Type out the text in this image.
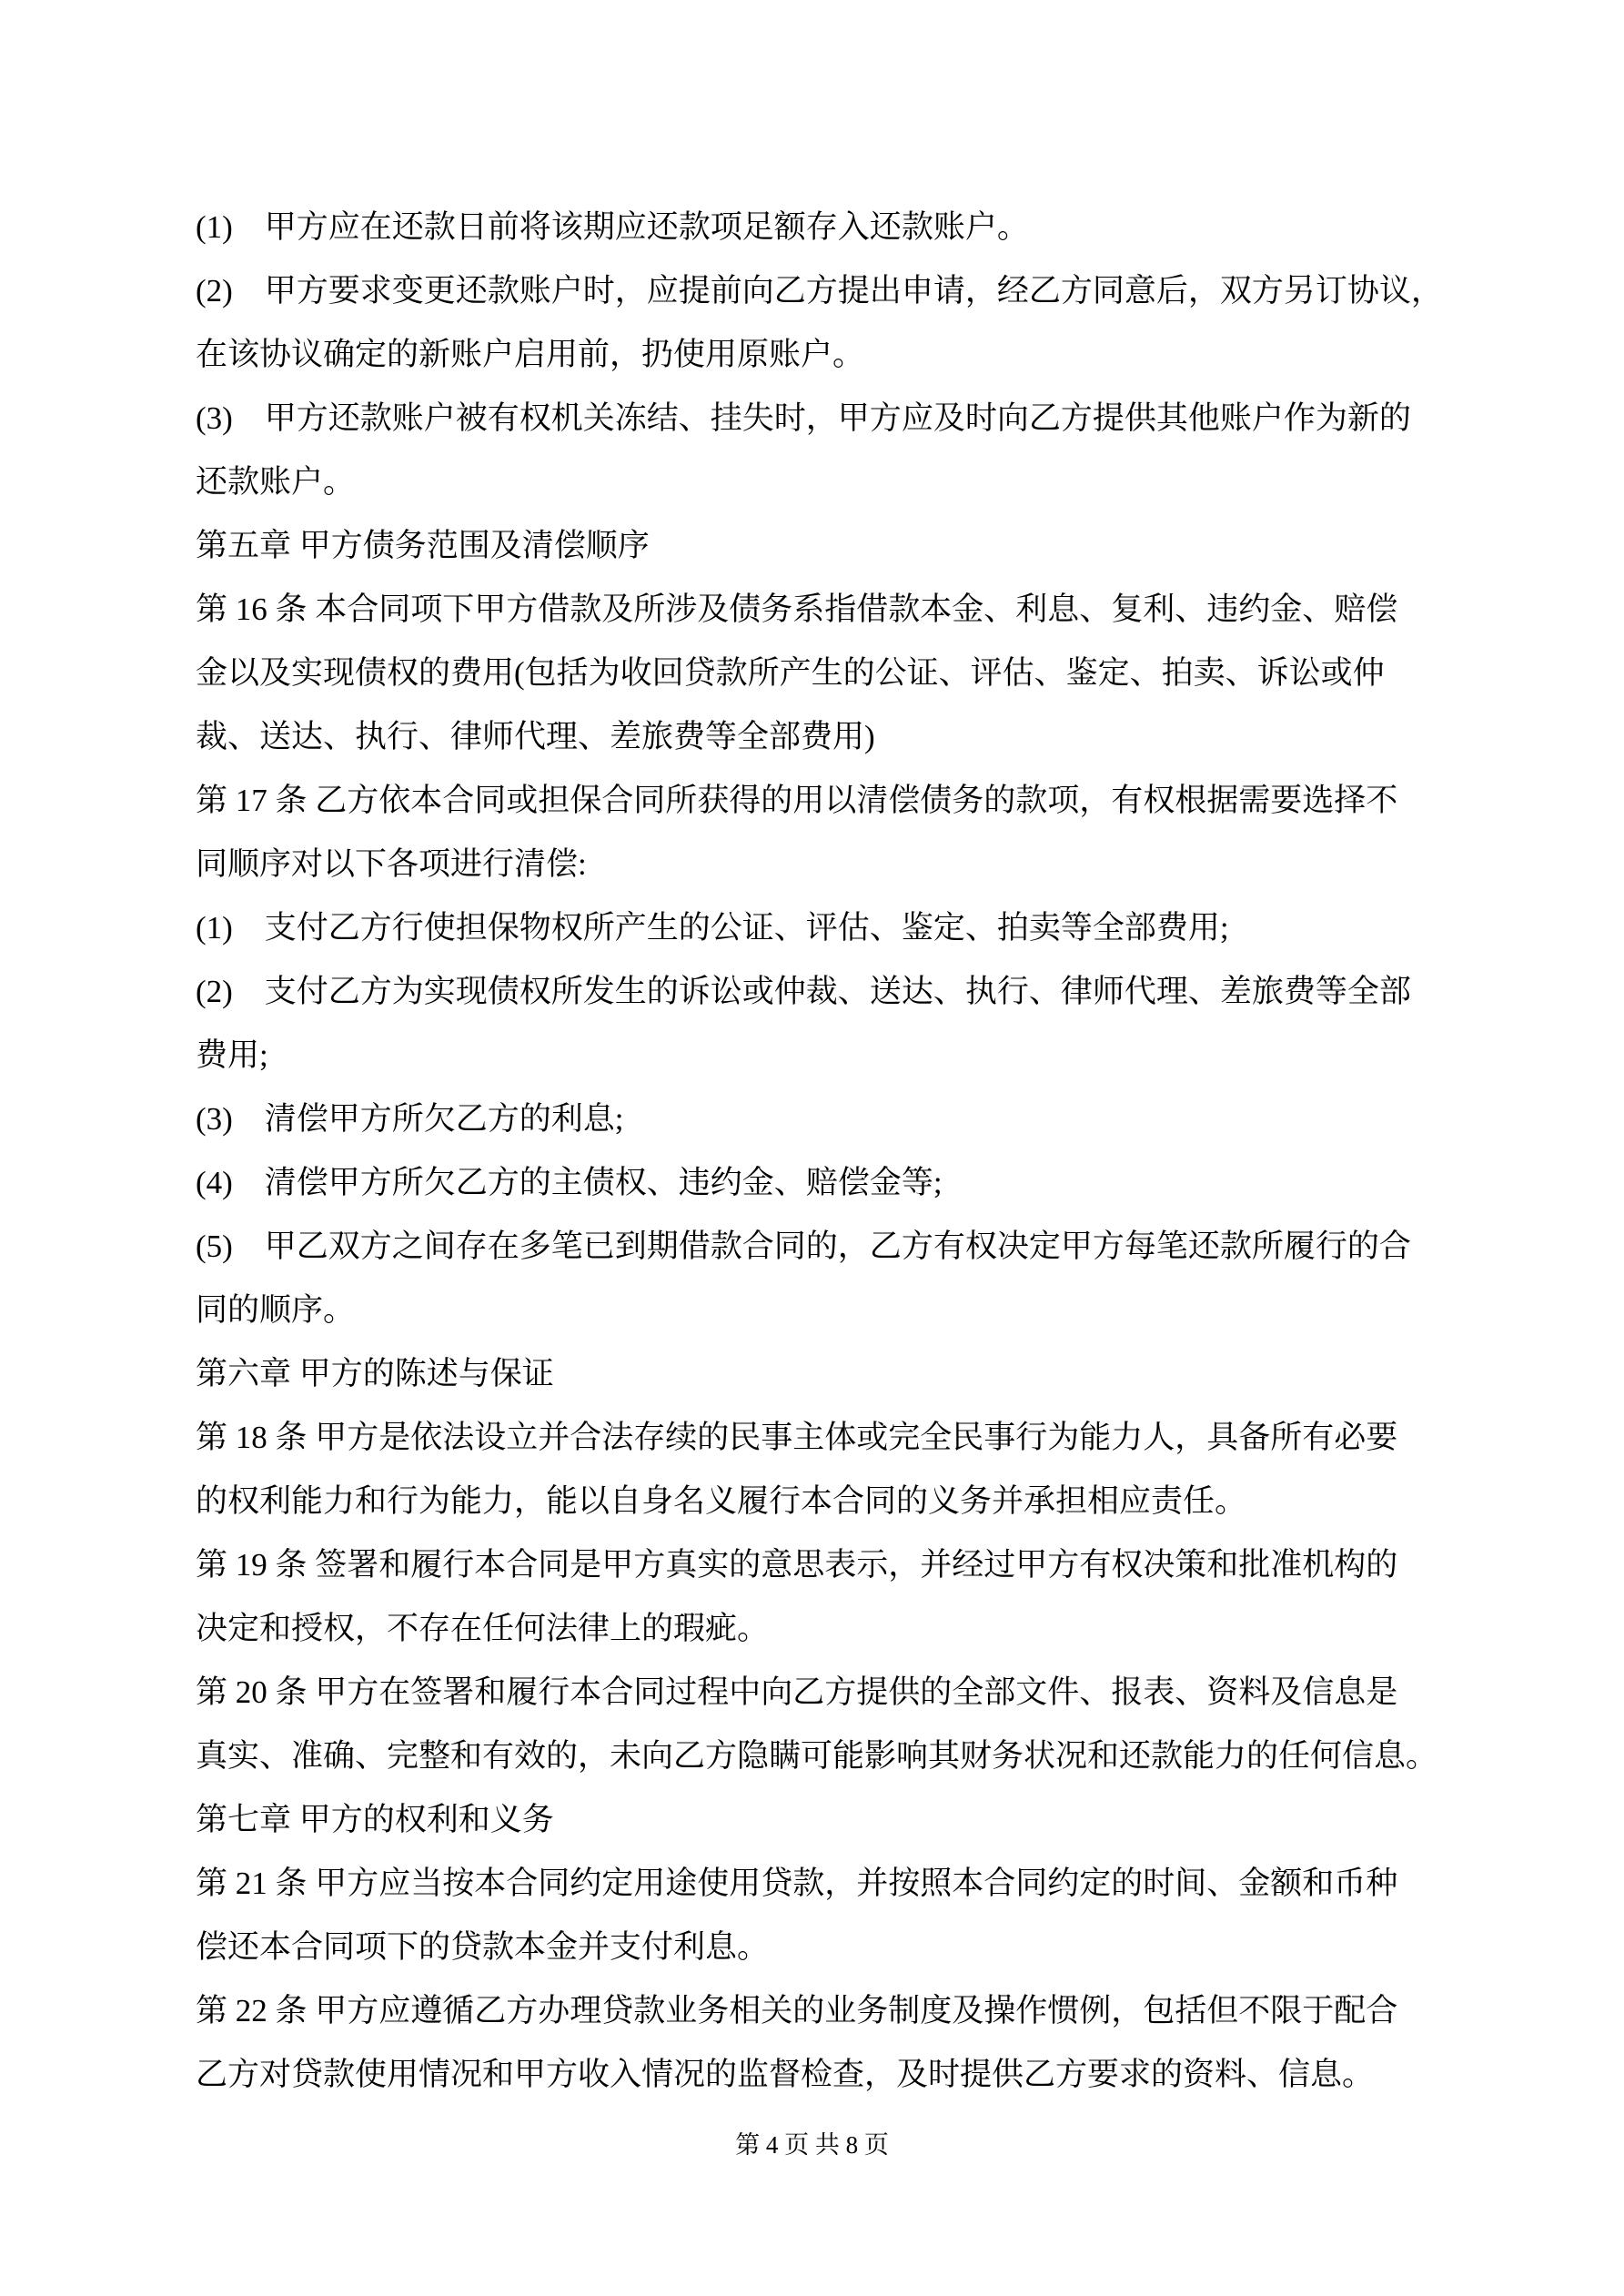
(1)　甲方应在还款日前将该期应还款项足额存入还款账户。
(2)　甲方要求变更还款账户时，应提前向乙方提出申请，经乙方同意后，双方另订协议，
在该协议确定的新账户启用前，扔使用原账户。
(3)　甲方还款账户被有权机关冻结、挂失时，甲方应及时向乙方提供其他账户作为新的
还款账户。
第五章 甲方债务范围及清偿顺序
第 16 条 本合同项下甲方借款及所涉及债务系指借款本金、利息、复利、违约金、赔偿
金以及实现债权的费用(包括为收回贷款所产生的公证、评估、鉴定、拍卖、诉讼或仲
裁、送达、执行、律师代理、差旅费等全部费用)
第 17 条 乙方依本合同或担保合同所获得的用以清偿债务的款项，有权根据需要选择不
同顺序对以下各项进行清偿:
(1)　支付乙方行使担保物权所产生的公证、评估、鉴定、拍卖等全部费用;
(2)　支付乙方为实现债权所发生的诉讼或仲裁、送达、执行、律师代理、差旅费等全部
费用;
(3)　清偿甲方所欠乙方的利息;
(4)　清偿甲方所欠乙方的主债权、违约金、赔偿金等;
(5)　甲乙双方之间存在多笔已到期借款合同的，乙方有权决定甲方每笔还款所履行的合
同的顺序。
第六章 甲方的陈述与保证
第 18 条 甲方是依法设立并合法存续的民事主体或完全民事行为能力人，具备所有必要
的权利能力和行为能力，能以自身名义履行本合同的义务并承担相应责任。
第 19 条 签署和履行本合同是甲方真实的意思表示，并经过甲方有权决策和批准机构的
决定和授权，不存在任何法律上的瑕疵。
第 20 条 甲方在签署和履行本合同过程中向乙方提供的全部文件、报表、资料及信息是
真实、准确、完整和有效的，未向乙方隐瞒可能影响其财务状况和还款能力的任何信息。
第七章 甲方的权利和义务
第 21 条 甲方应当按本合同约定用途使用贷款，并按照本合同约定的时间、金额和币种
偿还本合同项下的贷款本金并支付利息。
第 22 条 甲方应遵循乙方办理贷款业务相关的业务制度及操作惯例，包括但不限于配合
乙方对贷款使用情况和甲方收入情况的监督检查，及时提供乙方要求的资料、信息。
第 4 页 共 8 页
